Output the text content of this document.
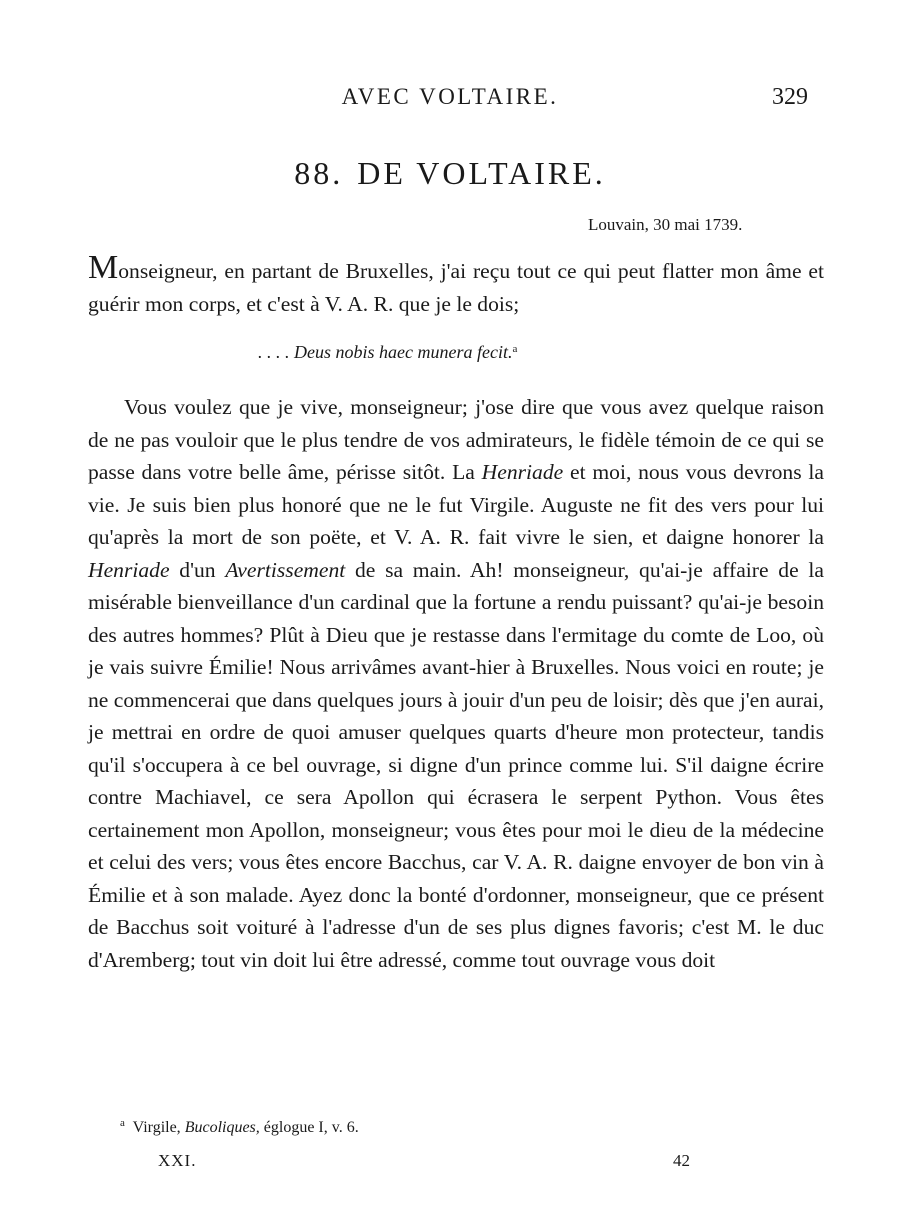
AVEC VOLTAIRE.	329
88. DE VOLTAIRE.
Louvain, 30 mai 1739.

Monseigneur, en partant de Bruxelles, j'ai reçu tout ce qui peut flatter mon âme et guérir mon corps, et c'est à V. A. R. que je le dois;

. . . . Deus nobis haec munera fecit.$^a$

Vous voulez que je vive, monseigneur; j'ose dire que vous avez quelque raison de ne pas vouloir que le plus tendre de vos admirateurs, le fidèle témoin de ce qui se passe dans votre belle âme, périsse sitôt. La Henriade et moi, nous vous devrons la vie. Je suis bien plus honoré que ne le fut Virgile. Auguste ne fit des vers pour lui qu'après la mort de son poëte, et V. A. R. fait vivre le sien, et daigne honorer la Henriade d'un Avertissement de sa main. Ah! monseigneur, qu'ai-je affaire de la misérable bienveillance d'un cardinal que la fortune a rendu puissant? qu'ai-je besoin des autres hommes? Plût à Dieu que je restasse dans l'ermitage du comte de Loo, où je vais suivre Émilie! Nous arrivâmes avant-hier à Bruxelles. Nous voici en route; je ne commencerai que dans quelques jours à jouir d'un peu de loisir; dès que j'en aurai, je mettrai en ordre de quoi amuser quelques quarts d'heure mon protecteur, tandis qu'il s'occupera à ce bel ouvrage, si digne d'un prince comme lui. S'il daigne écrire contre Machiavel, ce sera Apollon qui écrasera le serpent Python. Vous êtes certainement mon Apollon, monseigneur; vous êtes pour moi le dieu de la médecine et celui des vers; vous êtes encore Bacchus, car V. A. R. daigne envoyer de bon vin à Émilie et à son malade. Ayez donc la bonté d'ordonner, monseigneur, que ce présent de Bacchus soit voituré à l'adresse d'un de ses plus dignes favoris; c'est M. le duc d'Aremberg; tout vin doit lui être adressé, comme tout ouvrage vous doit

$^a$ Virgile, Bucoliques, églogue I, v. 6.
XXI.	42
